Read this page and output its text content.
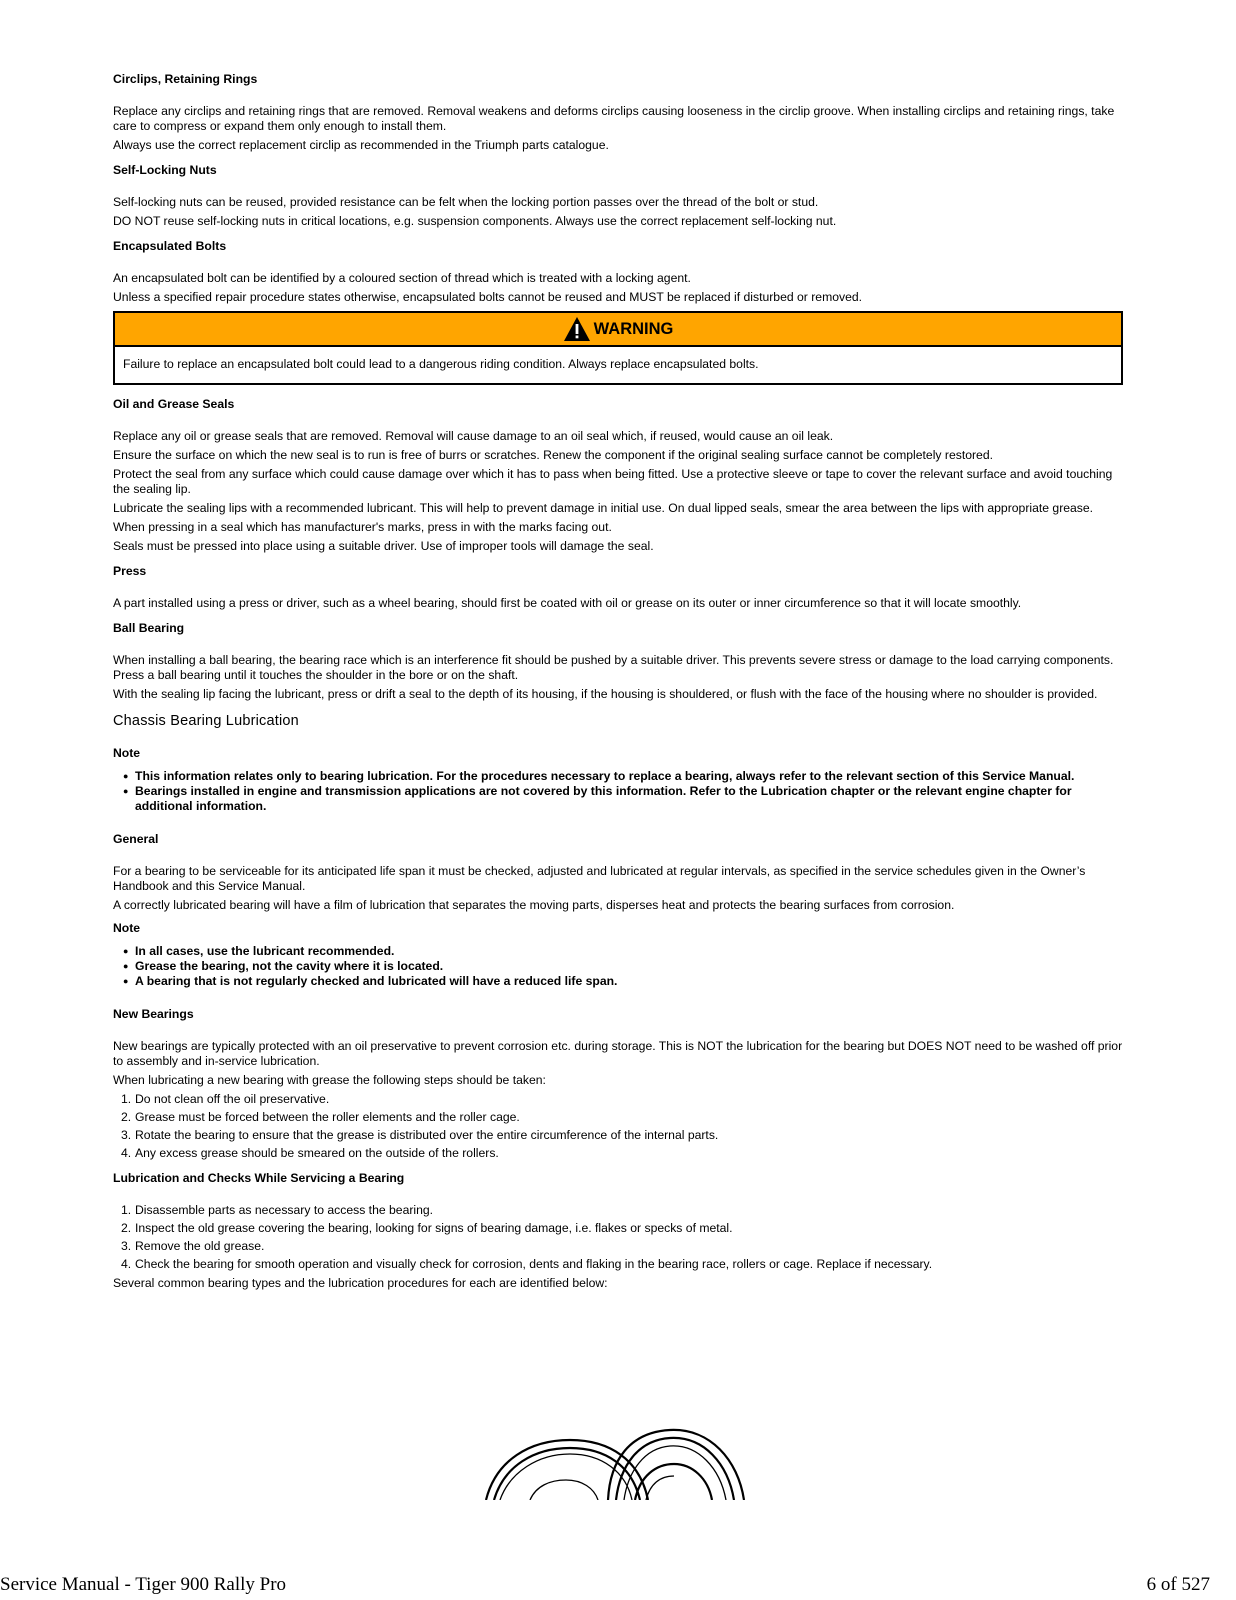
Circlips, Retaining Rings

Replace any circlips and retaining rings that are removed. Removal weakens and deforms circlips causing looseness in the circlip groove. When installing circlips and retaining rings, take care to compress or expand them only enough to install them.

Always use the correct replacement circlip as recommended in the Triumph parts catalogue.

Self-Locking Nuts

Self-locking nuts can be reused, provided resistance can be felt when the locking portion passes over the thread of the bolt or stud.

DO NOT reuse self-locking nuts in critical locations, e.g. suspension components. Always use the correct replacement self-locking nut.

Encapsulated Bolts

An encapsulated bolt can be identified by a coloured section of thread which is treated with a locking agent.

Unless a specified repair procedure states otherwise, encapsulated bolts cannot be reused and MUST be replaced if disturbed or removed.

WARNING
Failure to replace an encapsulated bolt could lead to a dangerous riding condition. Always replace encapsulated bolts.
Oil and Grease Seals

Replace any oil or grease seals that are removed. Removal will cause damage to an oil seal which, if reused, would cause an oil leak.

Ensure the surface on which the new seal is to run is free of burrs or scratches. Renew the component if the original sealing surface cannot be completely restored.

Protect the seal from any surface which could cause damage over which it has to pass when being fitted. Use a protective sleeve or tape to cover the relevant surface and avoid touching the sealing lip.

Lubricate the sealing lips with a recommended lubricant. This will help to prevent damage in initial use. On dual lipped seals, smear the area between the lips with appropriate grease.

When pressing in a seal which has manufacturer's marks, press in with the marks facing out.

Seals must be pressed into place using a suitable driver. Use of improper tools will damage the seal.

Press

A part installed using a press or driver, such as a wheel bearing, should first be coated with oil or grease on its outer or inner circumference so that it will locate smoothly.

Ball Bearing

When installing a ball bearing, the bearing race which is an interference fit should be pushed by a suitable driver. This prevents severe stress or damage to the load carrying components. Press a ball bearing until it touches the shoulder in the bore or on the shaft.

With the sealing lip facing the lubricant, press or drift a seal to the depth of its housing, if the housing is shouldered, or flush with the face of the housing where no shoulder is provided.

Chassis Bearing Lubrication
Note
● This information relates only to bearing lubrication. For the procedures necessary to replace a bearing, always refer to the relevant section of this Service Manual.
● Bearings installed in engine and transmission applications are not covered by this information. Refer to the Lubrication chapter or the relevant engine chapter for additional information.
General

For a bearing to be serviceable for its anticipated life span it must be checked, adjusted and lubricated at regular intervals, as specified in the service schedules given in the Owner’s Handbook and this Service Manual.

A correctly lubricated bearing will have a film of lubrication that separates the moving parts, disperses heat and protects the bearing surfaces from corrosion.

Note
● In all cases, use the lubricant recommended.
● Grease the bearing, not the cavity where it is located.
● A bearing that is not regularly checked and lubricated will have a reduced life span.
New Bearings

New bearings are typically protected with an oil preservative to prevent corrosion etc. during storage. This is NOT the lubrication for the bearing but DOES NOT need to be washed off prior to assembly and in-service lubrication.

When lubricating a new bearing with grease the following steps should be taken:

1. Do not clean off the oil preservative.
2. Grease must be forced between the roller elements and the roller cage.
3. Rotate the bearing to ensure that the grease is distributed over the entire circumference of the internal parts.
4. Any excess grease should be smeared on the outside of the rollers.
Lubrication and Checks While Servicing a Bearing
1. Disassemble parts as necessary to access the bearing.
2. Inspect the old grease covering the bearing, looking for signs of bearing damage, i.e. flakes or specks of metal.
3. Remove the old grease.
4. Check the bearing for smooth operation and visually check for corrosion, dents and flaking in the bearing race, rollers or cage. Replace if necessary.

Several common bearing types and the lubrication procedures for each are identified below:

Service Manual - Tiger 900 Rally Pro	6 of 527
